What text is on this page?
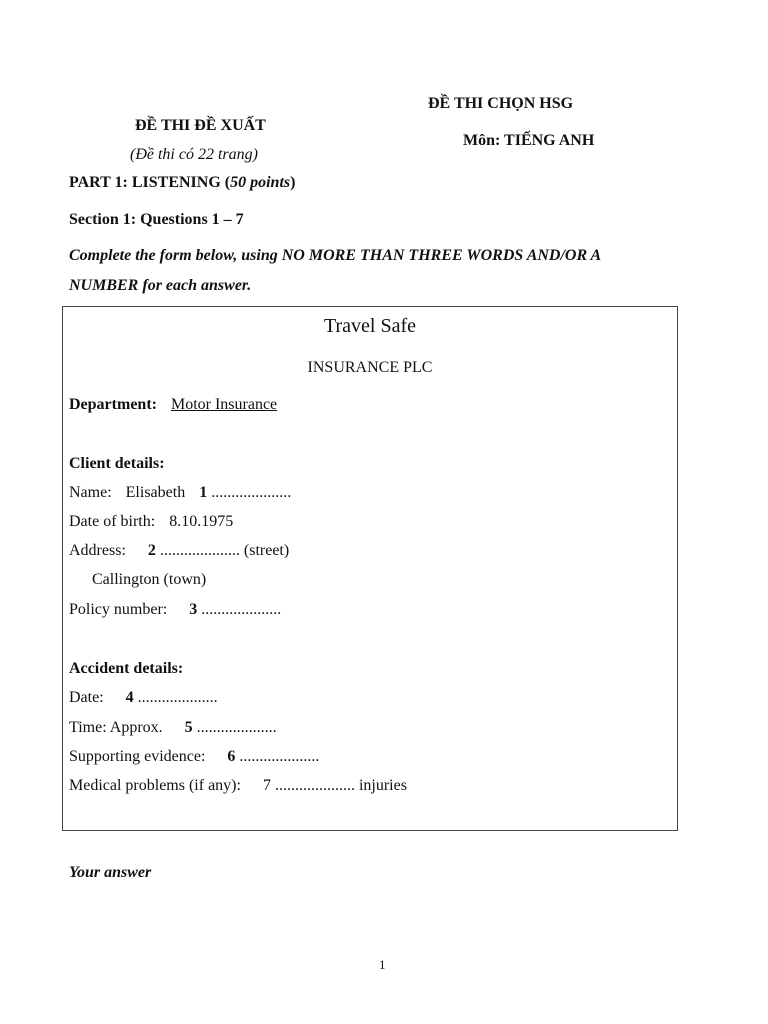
ĐỀ THI ĐỀ XUẤT
(Đề thi có 22 trang)
ĐỀ THI CHỌN HSG
Môn: TIẾNG ANH
PART 1: LISTENING (50 points)
Section 1: Questions 1 – 7
Complete the form below, using NO MORE THAN THREE WORDS AND/OR A
NUMBER for each answer.
Travel Safe
INSURANCE PLC
Department: Motor Insurance
Client details:
Name: Elisabeth 1 ....................
Date of birth: 8.10.1975
Address: 2 .................... (street)
Callington (town)
Policy number: 3 ....................
Accident details:
Date: 4 ....................
Time: Approx. 5 ....................
Supporting evidence: 6 ....................
Medical problems (if any): 7 .................... injuries
Your answer
1
